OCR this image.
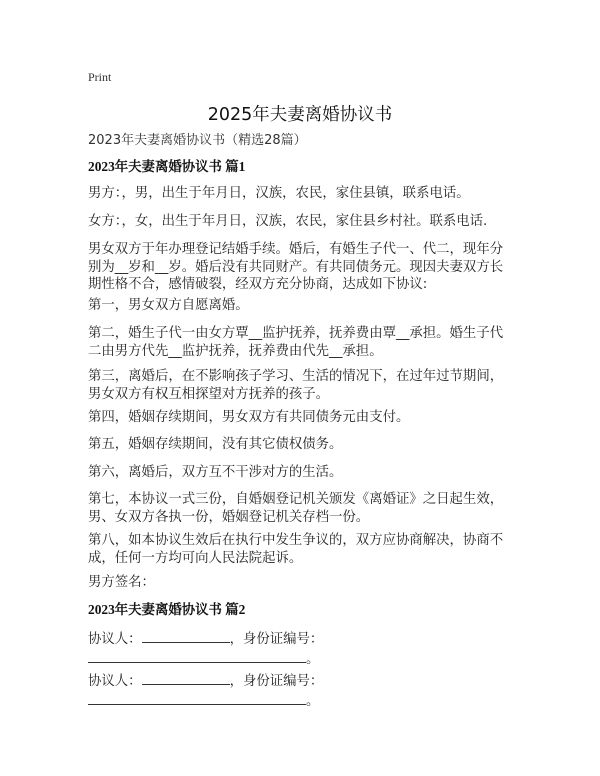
Print
2025年夫妻离婚协议书
2023年夫妻离婚协议书（精选28篇）
2023年夫妻离婚协议书 篇1
男方：，男，出生于年月日，汉族，农民，家住县镇，联系电话。
女方：，女，出生于年月日，汉族，农民，家住县乡村社。联系电话.
男女双方于年办理登记结婚手续。婚后，有婚生子代一、代二，现年分别为__岁和__岁。婚后没有共同财产。有共同债务元。现因夫妻双方长期性格不合，感情破裂，经双方充分协商，达成如下协议:
第一，男女双方自愿离婚。
第二，婚生子代一由女方覃__监护抚养，抚养费由覃__承担。婚生子代二由男方代先__监护抚养，抚养费由代先__承担。
第三，离婚后，在不影响孩子学习、生活的情况下，在过年过节期间，男女双方有权互相探望对方抚养的孩子。
第四，婚姻存续期间，男女双方有共同债务元由支付。
第五，婚姻存续期间，没有其它债权债务。
第六，离婚后，双方互不干涉对方的生活。
第七，本协议一式三份，自婚姻登记机关颁发《离婚证》之日起生效，男、女双方各执一份，婚姻登记机关存档一份。
第八，如本协议生效后在执行中发生争议的，双方应协商解决，协商不成，任何一方均可向人民法院起诉。
男方签名：
2023年夫妻离婚协议书 篇2
协议人：	，身份证编号：
。
协议人：	，身份证编号：
。
